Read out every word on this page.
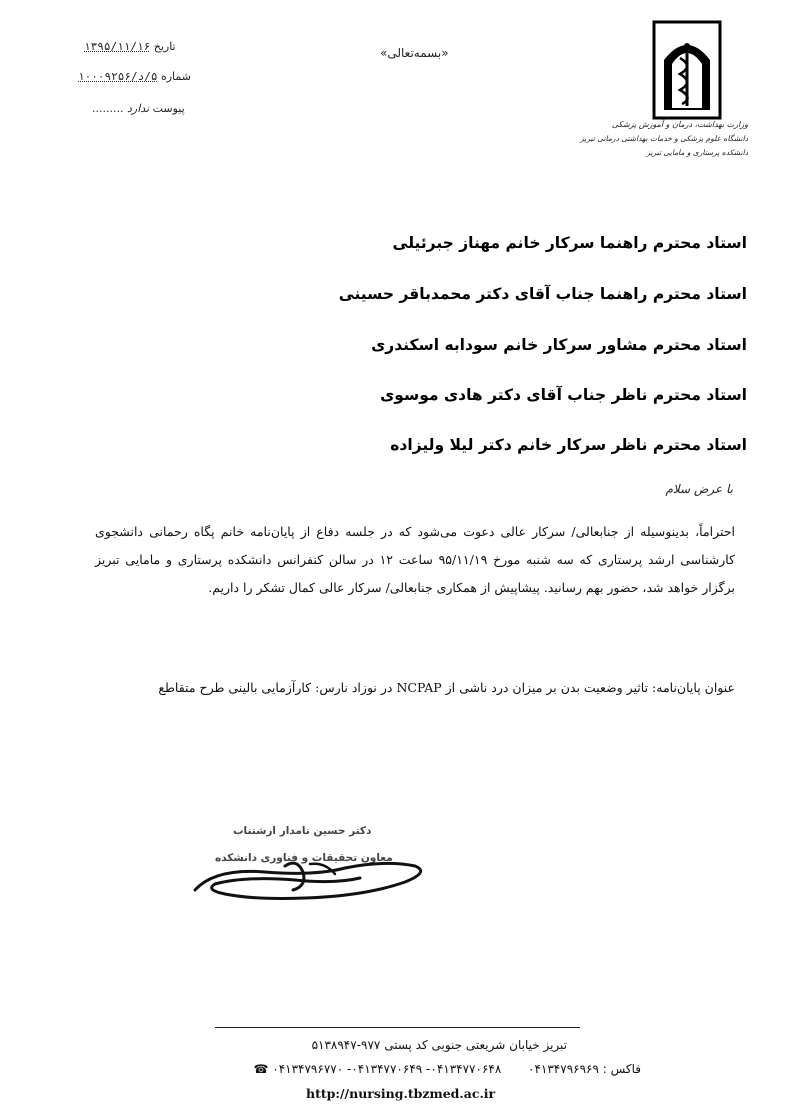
وزارت بهداشت، درمان و آموزش پزشکی
دانشگاه علوم پزشکی و خدمات بهداشتی درمانی تبریز
دانشکده پرستاری و مامایی تبریز
«بسمه‌تعالی»
تاریخ ۱۳۹۵/۱۱/۱۶
شماره ۵/د/۱۰۰۰۹۲۵۶
پیوست ندارد .........
استاد محترم راهنما سرکار خانم مهناز جبرئیلی
استاد محترم راهنما جناب آقای دکتر محمدباقر حسینی
استاد محترم مشاور سرکار خانم سودابه اسکندری
استاد محترم ناظر جناب آقای دکتر هادی موسوی
استاد محترم ناظر سرکار خانم دکتر لیلا ولیزاده
با عرض سلام

احتراماً، بدینوسیله از جنابعالی/ سرکار عالی دعوت می‌شود که در جلسه دفاع از پایان‌نامه خانم پگاه رحمانی دانشجوی کارشناسی ارشد پرستاری که سه شنبه مورخ ۹۵/۱۱/۱۹ ساعت ۱۲ در سالن کنفرانس دانشکده پرستاری و مامایی تبریز برگزار خواهد شد، حضور بهم رسانید. پیشاپیش از همکاری جنابعالی/ سرکار عالی کمال تشکر را داریم.

عنوان پایان‌نامه: تاثیر وضعیت بدن بر میزان درد ناشی از NCPAP در نوزاد نارس: کارآزمایی بالینی طرح متقاطع
دکتر حسین نامدار ارشتناب
معاون تحقیقات و فناوری دانشکده
تبریز خیابان شریعتی جنوبی کد پستی ۹۷۷-۵۱۳۸۹۴۷
فاکس : ۰۴۱۳۴۷۹۶۹۶۹       ۰۴۱۳۴۷۷۰۶۴۸- ۰۴۱۳۴۷۷۰۶۴۹- ۰۴۱۳۴۷۹۶۷۷۰ ☎
http://nursing.tbzmed.ac.ir
